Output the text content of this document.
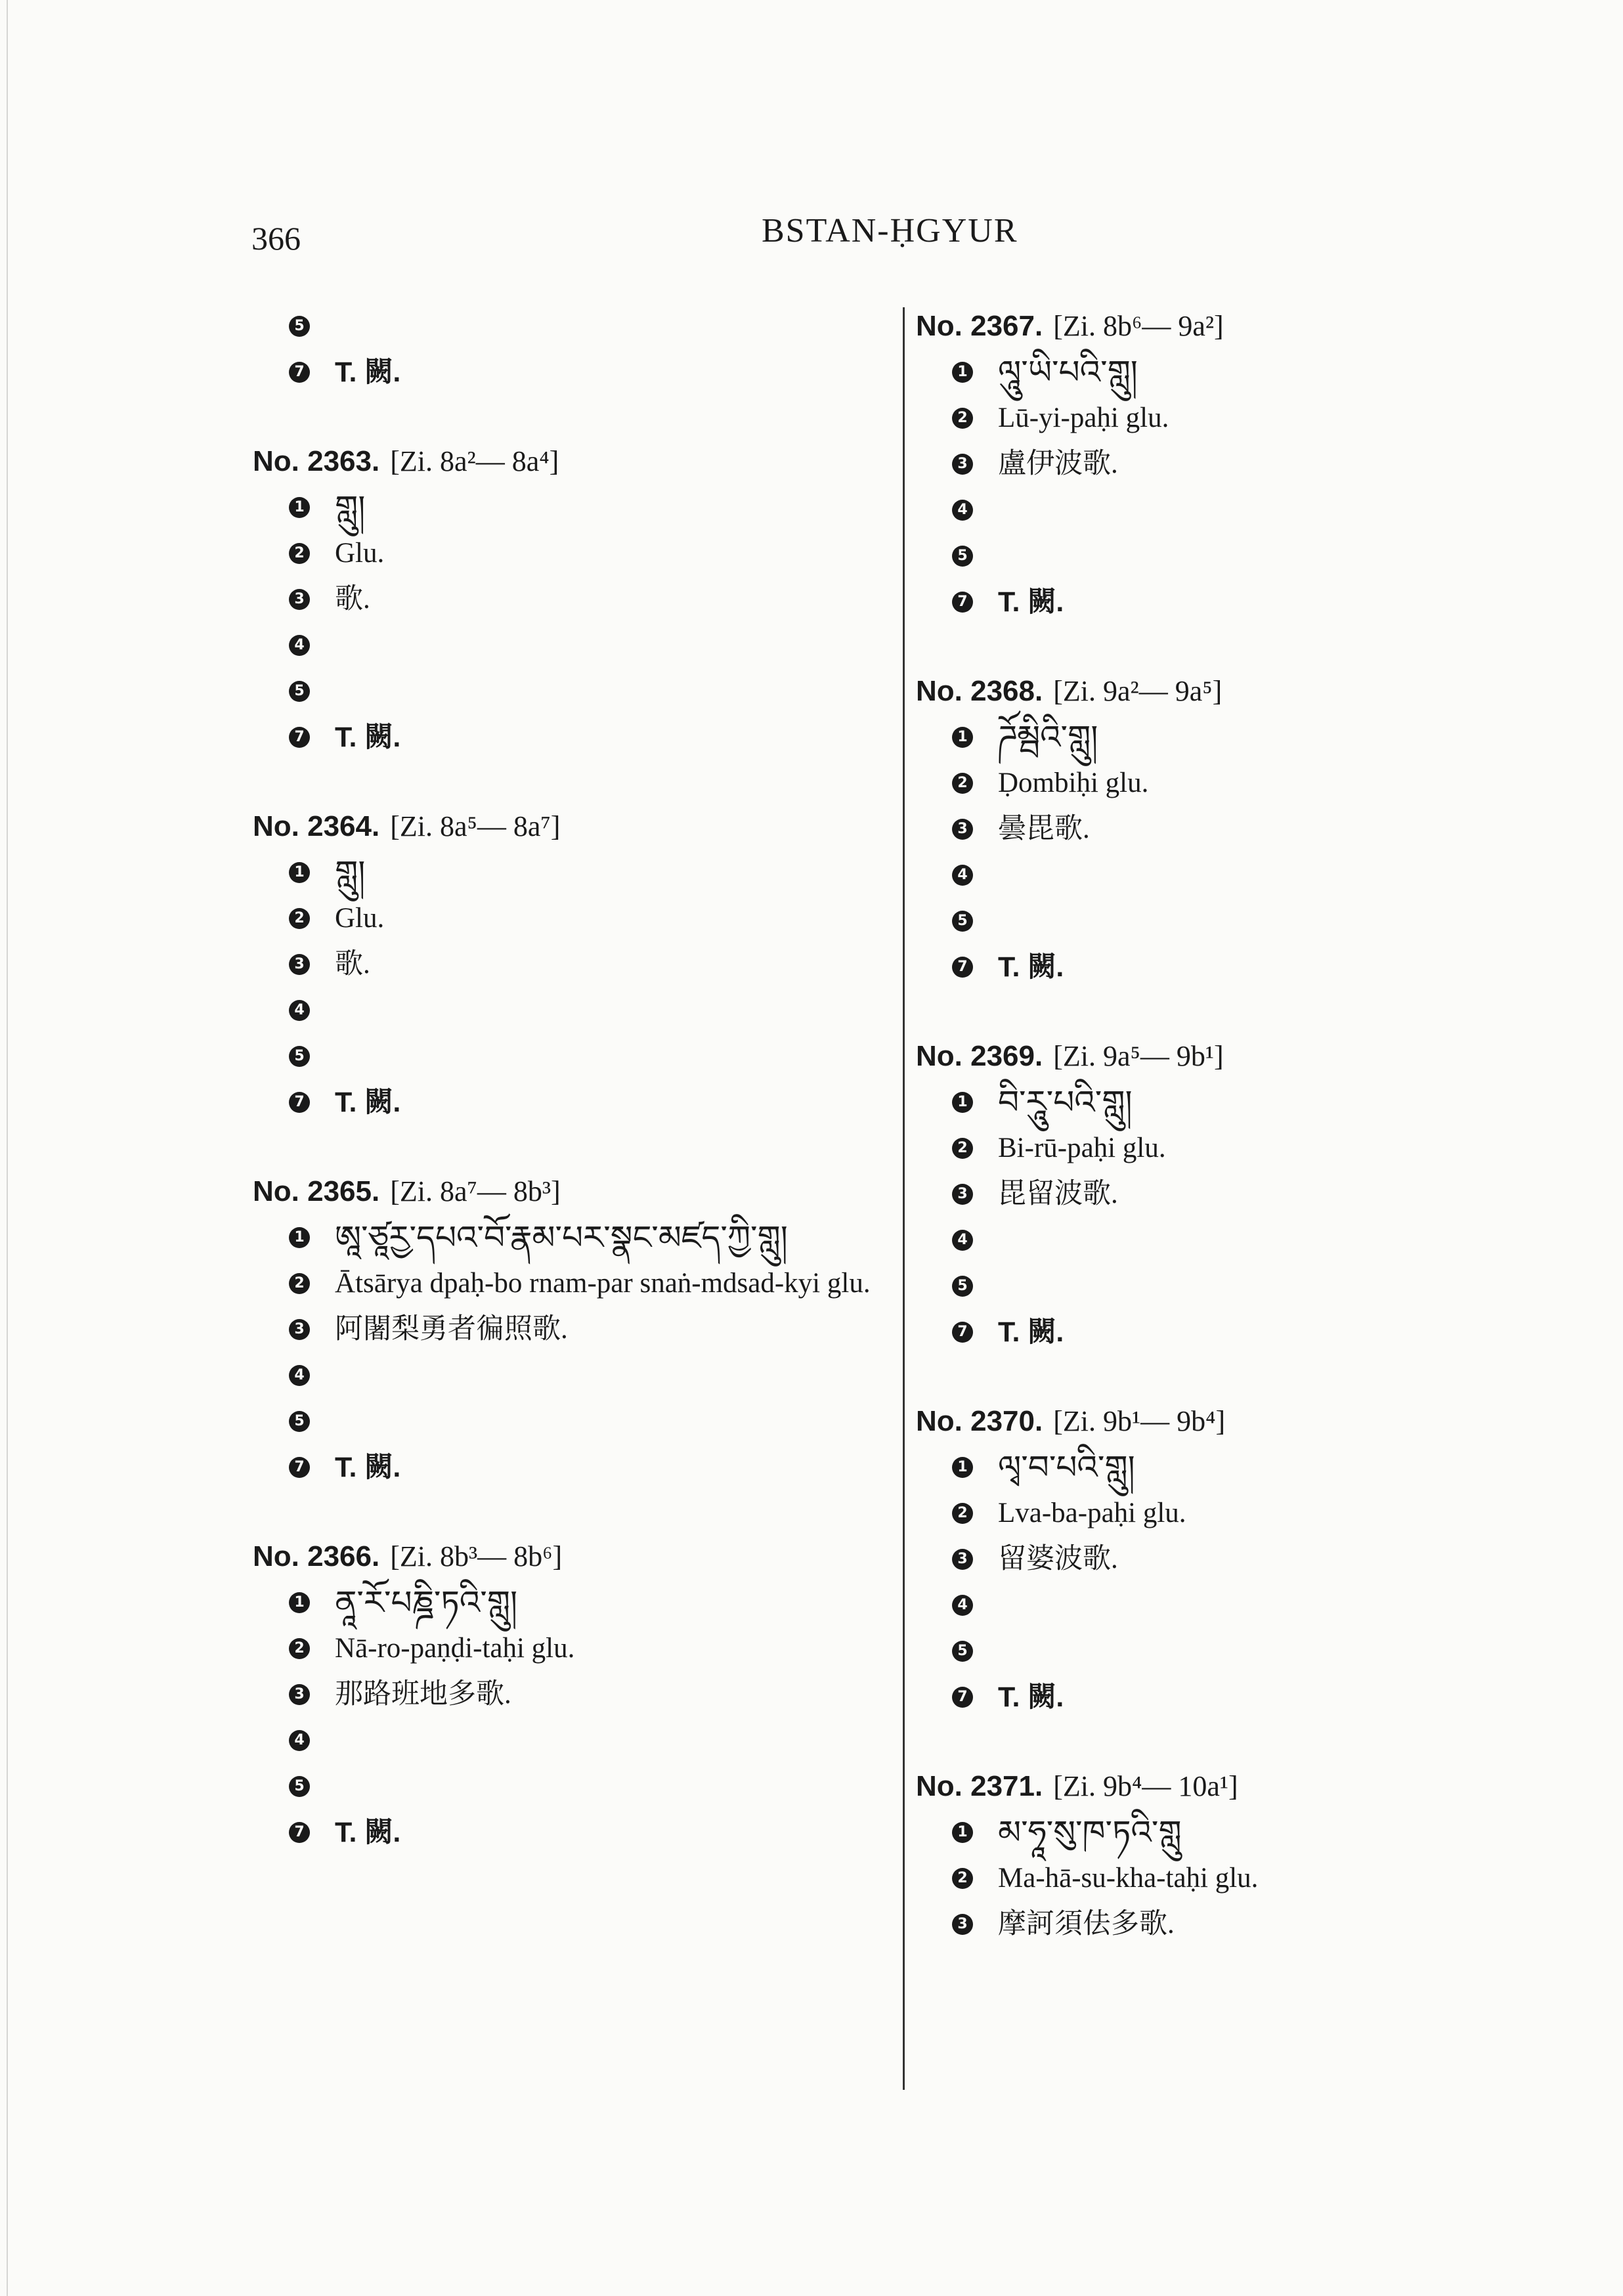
366	BSTAN-ḤGYUR
5
7 T. 闕.
No. 2363. [Zi. 8a²— 8a⁴]
1 གླུ།
2 Glu.
3 歌.
4
5
7 T. 闕.
No. 2364. [Zi. 8a⁵— 8a⁷]
1 གླུ།
2 Glu.
3 歌.
4
5
7 T. 闕.
No. 2365. [Zi. 8a⁷— 8b³]
1 ཨཱ་ཙཱརྱ་དཔའ་བོ་རྣམ་པར་སྣང་མཛད་ཀྱི་གླུ།
2 Ātsārya dpaḥ-bo rnam-par snaṅ-mdsad-kyi glu.
3 阿闍梨勇者徧照歌.
4
5
7 T. 闕.
No. 2366. [Zi. 8b³— 8b⁶]
1 ནཱ་རོ་པཎྜི་ཏའི་གླུ།
2 Nā-ro-paṇḍi-taḥi glu.
3 那路班地多歌.
4
5
7 T. 闕.
No. 2367. [Zi. 8b⁶— 9a²]
1 ལཱུ་ཡི་པའི་གླུ།
2 Lū-yi-paḥi glu.
3 盧伊波歌.
4
5
7 T. 闕.
No. 2368. [Zi. 9a²— 9a⁵]
1 ཌོམྦིའི་གླུ།
2 Ḍombiḥi glu.
3 曇毘歌.
4
5
7 T. 闕.
No. 2369. [Zi. 9a⁵— 9b¹]
1 བི་རཱུ་པའི་གླུ།
2 Bi-rū-paḥi glu.
3 毘留波歌.
4
5
7 T. 闕.
No. 2370. [Zi. 9b¹— 9b⁴]
1 ལྭ་བ་པའི་གླུ།
2 Lva-ba-paḥi glu.
3 留婆波歌.
4
5
7 T. 闕.
No. 2371. [Zi. 9b⁴— 10a¹]
1 མ་ཧཱ་སུ་ཁ་ཏའི་གླུ
2 Ma-hā-su-kha-taḥi glu.
3 摩訶須佉多歌.
